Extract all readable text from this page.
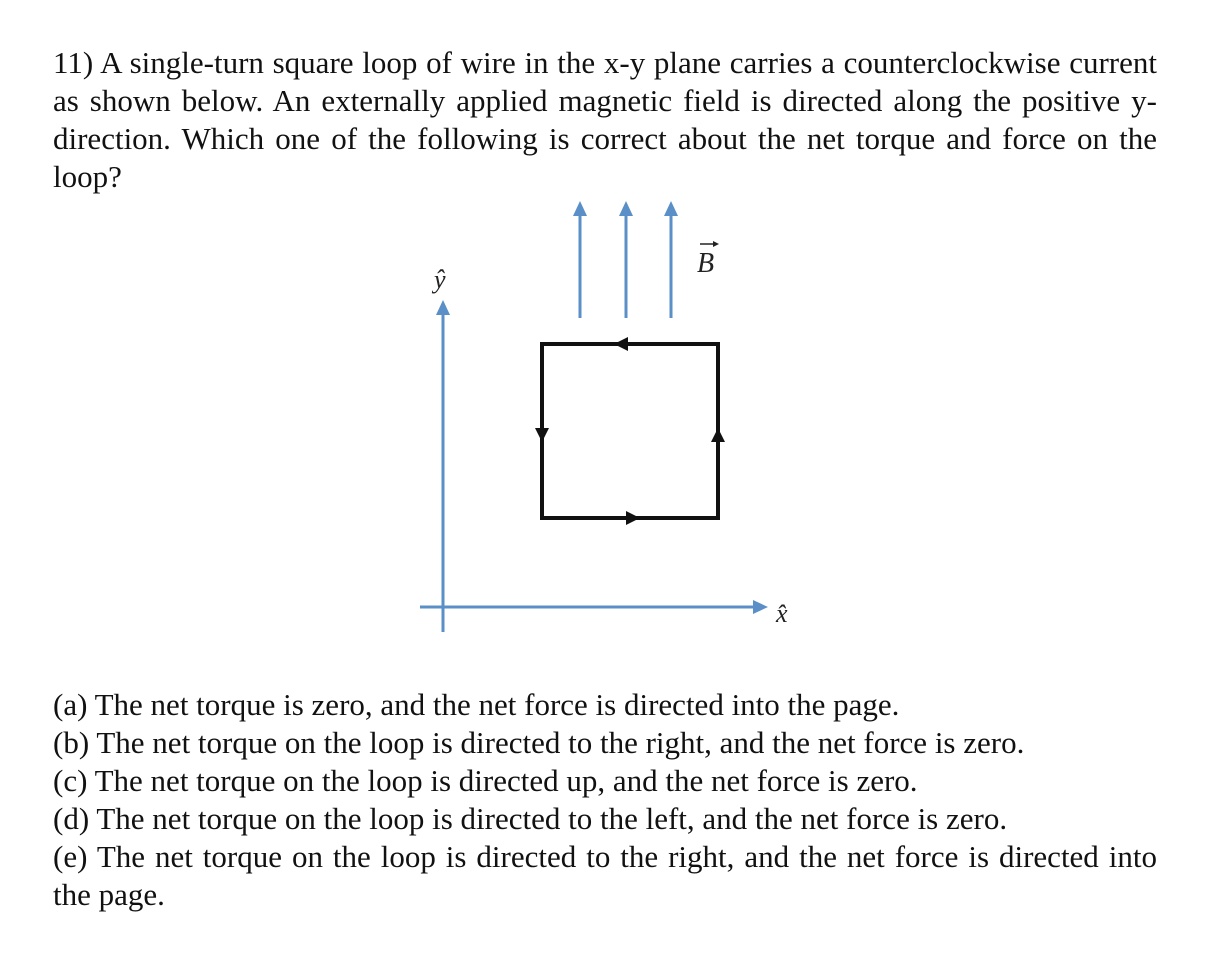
11) A single-turn square loop of wire in the x-y plane carries a counterclockwise current as shown below. An externally applied magnetic field is directed along the positive y-direction. Which one of the following is correct about the net torque and force on the loop?

ŷ
x̂
B
(a) The net torque is zero, and the net force is directed into the page.
(b) The net torque on the loop is directed to the right, and the net force is zero.
(c) The net torque on the loop is directed up, and the net force is zero.
(d) The net torque on the loop is directed to the left, and the net force is zero.
(e) The net torque on the loop is directed to the right, and the net force is directed into the page.
